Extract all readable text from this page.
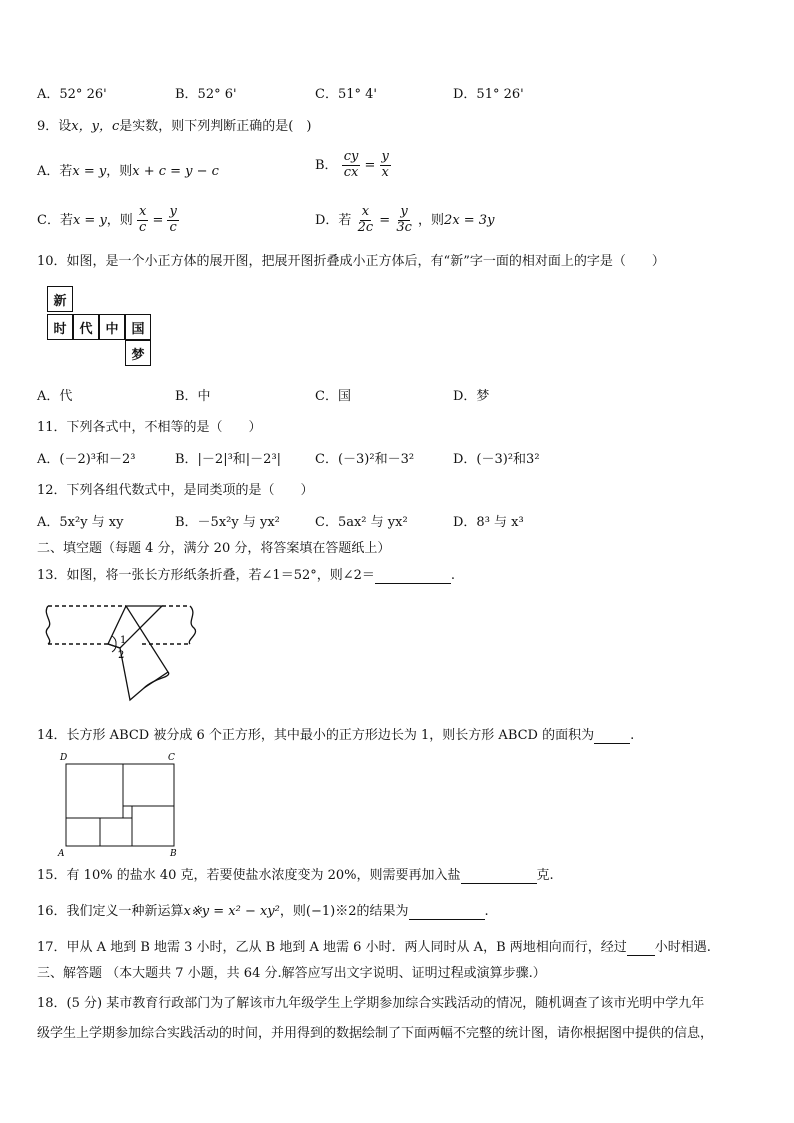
A．52° 26'	B．52° 6'	C．51° 4'	D．51° 26'
9．设x，y，c是实数，则下列判断正确的是(　)
A．若x = y，则x + c = y − c	B． $\frac{cy}{cx} = \frac{y}{x}$
C．若x = y，则 $\frac{x}{c} = \frac{y}{c}$	D．若 $\frac{x}{2c} = \frac{y}{3c}$ ，则2x = 3y
10．如图，是一个小正方体的展开图，把展开图折叠成小正方体后，有“新”字一面的相对面上的字是（　　）
新
时 代 中 国
梦
A．代	B．中	C．国	D．梦
11．下列各式中，不相等的是（　　）
A．(－2)³和－2³	B．|－2|³和|－2³|	C．(－3)²和－3²	D．(－3)²和3²
12．下列各组代数式中，是同类项的是（　　）
A．5x²y 与 xy	B．－5x²y 与 yx²	C．5ax² 与 yx²	D．8³ 与 x³
二、填空题（每题 4 分，满分 20 分，将答案填在答题纸上）
13．如图，将一张长方形纸条折叠，若∠1＝52°，则∠2＝	.
1
2
14．长方形 ABCD 被分成 6 个正方形，其中最小的正方形边长为 1，则长方形 ABCD 的面积为	.
D	C
A	B
15．有 10% 的盐水 40 克，若要使盐水浓度变为 20%，则需要再加入盐	克.
16．我们定义一种新运算x※y = x² − xy²，则(−1)※2的结果为	.
17．甲从 A 地到 B 地需 3 小时，乙从 B 地到 A 地需 6 小时．两人同时从 A，B 两地相向而行，经过 小时相遇.
三、解答题 （本大题共 7 小题，共 64 分.解答应写出文字说明、证明过程或演算步骤.）
18．(5 分) 某市教育行政部门为了解该市九年级学生上学期参加综合实践活动的情况，随机调查了该市光明中学九年
级学生上学期参加综合实践活动的时间，并用得到的数据绘制了下面两幅不完整的统计图，请你根据图中提供的信息，
